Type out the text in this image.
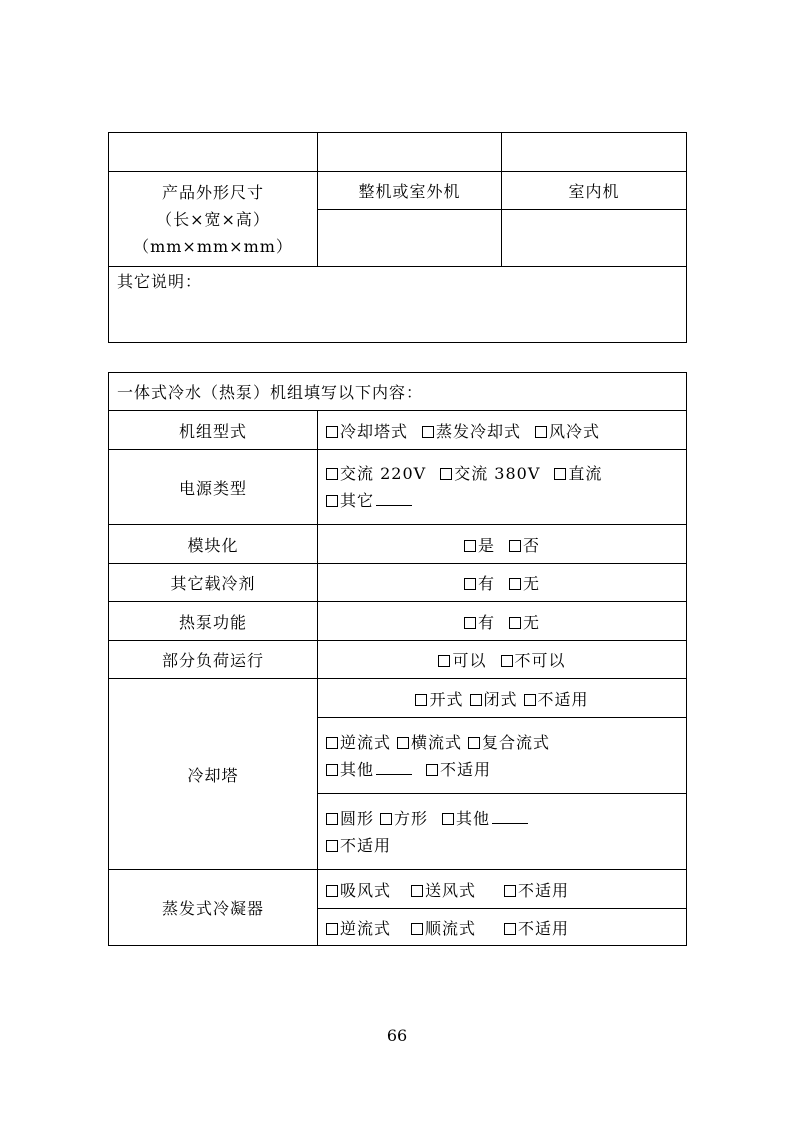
产品外形尺寸
（长×宽×高）
（mm×mm×mm）	整机或室外机	室内机

其它说明：		
一体式冷水（热泵）机组填写以下内容：	
机组型式	冷却塔式 蒸发冷却式 风冷式
电源类型	交流 220V 交流 380V 直流
其它

模块化	是 否
其它载冷剂	有 无
热泵功能	有 无
部分负荷运行	可以 不可以
冷却塔	开式 闭式 不适用

	逆流式 横流式 复合流式
其他 不适用

	圆形 方形 其他
不适用

蒸发式冷凝器	吸风式 送风式 不适用
	逆流式 顺流式 不适用
66
